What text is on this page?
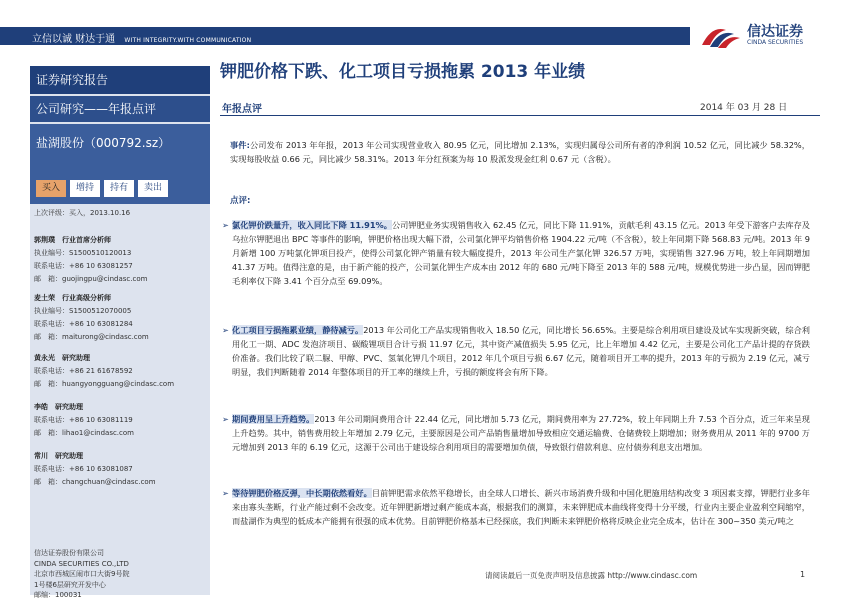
立信以诚 财达于通 WITH INTEGRITY.WITH COMMUNICATION
信达证券
CINDA SECURITIES
证券研究报告
公司研究——年报点评
盐湖股份（000792.sz）
买入	增持	持有	卖出
上次评级：买入，2013.10.16
郭荆璞　 行业首席分析师
执业编号：S1500510120013
联系电话：+86 10 63081257
邮　箱：guojingpu@cindasc.com
麦土荣　 行业高级分析师
执业编号：S1500512070005
联系电话：+86 10 63081284
邮　箱：maiturong@cindasc.com
黄永光　 研究助理
联系电话：+86 21 61678592
邮　箱：huangyongguang@cindasc.com
李皓　 研究助理
联系电话：+86 10 63081119
邮　箱：lihao1@cindasc.com
常川　 研究助理
联系电话：+86 10 63081087
邮　箱：changchuan@cindasc.com
信达证券股份有限公司
CINDA SECURITIES CO.,LTD
北京市西城区闹市口大街9号院
1号楼6层研究开发中心
邮编：100031
钾肥价格下跌、化工项目亏损拖累 2013 年业绩
年报点评	2014 年 03 月 28 日
事件:公司发布 2013 年年报，2013 年公司实现营业收入 80.95 亿元，同比增加 2.13%，实现归属母公司所有者的净利润 10.52 亿元，同比减少 58.32%，实现每股收益 0.66 元，同比减少 58.31%。2013 年分红预案为每 10 股派发现金红利 0.67 元（含税）。
点评:
➢ 氯化钾价跌量升，收入同比下降 11.91%。公司钾肥业务实现销售收入 62.45 亿元，同比下降 11.91%，贡献毛利 43.15 亿元。2013 年受下游客户去库存及乌拉尔钾肥退出 BPC 等事件的影响，钾肥价格出现大幅下滑，公司氯化钾平均销售价格 1904.22 元/吨（不含税），较上年同期下降 568.83 元/吨。2013 年 9 月新增 100 万吨氯化钾项目投产，使得公司氯化钾产销量有较大幅度提升，2013 年公司生产氯化钾 326.57 万吨，实现销售 327.96 万吨，较上年同期增加 41.37 万吨。值得注意的是，由于新产能的投产，公司氯化钾生产成本由 2012 年的 680 元/吨下降至 2013 年的 588 元/吨，规模优势进一步凸显，因而钾肥毛利率仅下降 3.41 个百分点至 69.09%。
➢ 化工项目亏损拖累业绩，静待减亏。2013 年公司化工产品实现销售收入 18.50 亿元，同比增长 56.65%。主要是综合利用项目建设及试车实现新突破，综合利用化工一期、ADC 发泡济项目、碳酸锂项目合计亏损 11.97 亿元，其中资产减值损失 5.95 亿元，比上年增加 4.42 亿元，主要是公司化工产品计提的存货跌价准备。我们比较了联二脲、甲醇、PVC、氢氧化钾几个项目，2012 年几个项目亏损 6.67 亿元，随着项目开工率的提升，2013 年的亏损为 2.19 亿元，减亏明显，我们判断随着 2014 年整体项目的开工率的继续上升，亏损的额度将会有所下降。
➢ 期间费用呈上升趋势。2013 年公司期间费用合计 22.44 亿元，同比增加 5.73 亿元，期间费用率为 27.72%，较上年同期上升 7.53 个百分点，近三年来呈现上升趋势。其中，销售费用较上年增加 2.79 亿元，主要原因是公司产品销售量增加导致相应交通运输费、仓储费较上期增加；财务费用从 2011 年的 9700 万元增加到 2013 年的 6.19 亿元，这源于公司出于建设综合利用项目的需要增加负债，导致银行借款利息、应付债券利息支出增加。
➢ 等待钾肥价格反弹，中长期依然看好。目前钾肥需求依然平稳增长，由全球人口增长、新兴市场消费升级和中国化肥施用结构改变 3 项因素支撑，钾肥行业多年来由寡头垄断，行业产能过剩不会改变。近年钾肥新增过剩产能成本高，根据我们的测算，未来钾肥成本曲线将变得十分平缓，行业内主要企业盈利空间缩窄，而盐湖作为典型的低成本产能拥有很强的成本优势。目前钾肥价格基本已经探底，我们判断未来钾肥价格将反映企业完全成本，估计在 300~350 美元/吨之
请阅读最后一页免责声明及信息披露 http://www.cindasc.com	1
